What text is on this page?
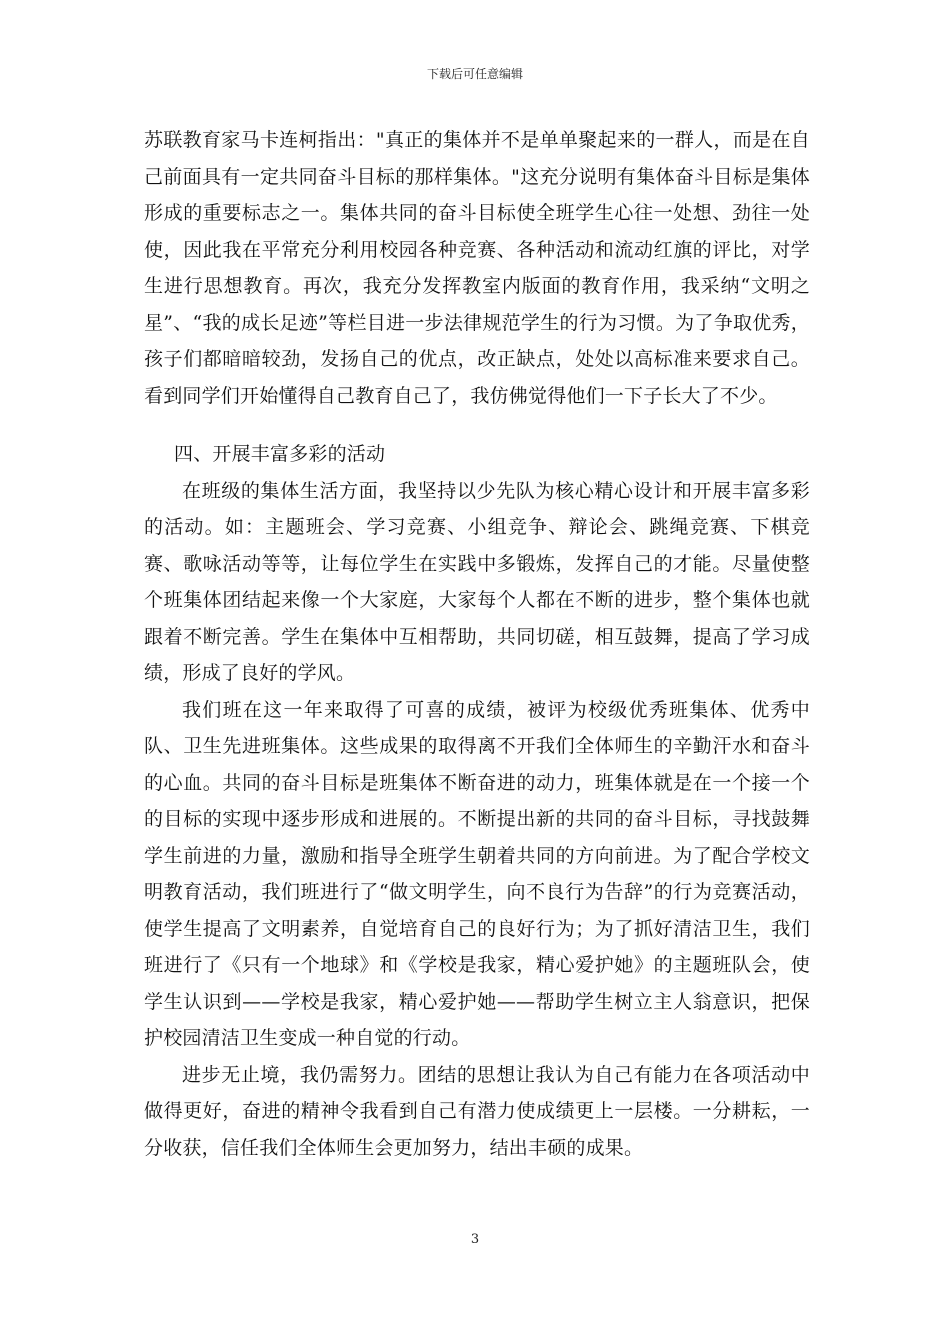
下载后可任意编辑

苏联教育家马卡连柯指出："真正的集体并不是单单聚起来的一群人，而是在自己前面具有一定共同奋斗目标的那样集体。"这充分说明有集体奋斗目标是集体形成的重要标志之一。集体共同的奋斗目标使全班学生心往一处想、劲往一处使，因此我在平常充分利用校园各种竞赛、各种活动和流动红旗的评比，对学生进行思想教育。再次，我充分发挥教室内版面的教育作用，我采纳“文明之星”、“我的成长足迹”等栏目进一步法律规范学生的行为习惯。为了争取优秀，孩子们都暗暗较劲，发扬自己的优点，改正缺点，处处以高标准来要求自己。看到同学们开始懂得自己教育自己了，我仿佛觉得他们一下子长大了不少。

四、开展丰富多彩的活动

在班级的集体生活方面，我坚持以少先队为核心精心设计和开展丰富多彩的活动。如：主题班会、学习竞赛、小组竞争、辩论会、跳绳竞赛、下棋竞赛、歌咏活动等等，让每位学生在实践中多锻炼，发挥自己的才能。尽量使整个班集体团结起来像一个大家庭，大家每个人都在不断的进步，整个集体也就跟着不断完善。学生在集体中互相帮助，共同切磋，相互鼓舞，提高了学习成绩，形成了良好的学风。

我们班在这一年来取得了可喜的成绩，被评为校级优秀班集体、优秀中队、卫生先进班集体。这些成果的取得离不开我们全体师生的辛勤汗水和奋斗的心血。共同的奋斗目标是班集体不断奋进的动力，班集体就是在一个接一个的目标的实现中逐步形成和进展的。不断提出新的共同的奋斗目标，寻找鼓舞学生前进的力量，激励和指导全班学生朝着共同的方向前进。为了配合学校文明教育活动，我们班进行了“做文明学生，向不良行为告辞”的行为竞赛活动，使学生提高了文明素养，自觉培育自己的良好行为；为了抓好清洁卫生，我们班进行了《只有一个地球》和《学校是我家，精心爱护她》的主题班队会，使学生认识到——学校是我家，精心爱护她——帮助学生树立主人翁意识，把保护校园清洁卫生变成一种自觉的行动。

进步无止境，我仍需努力。团结的思想让我认为自己有能力在各项活动中做得更好，奋进的精神令我看到自己有潜力使成绩更上一层楼。一分耕耘，一分收获，信任我们全体师生会更加努力，结出丰硕的成果。

3
